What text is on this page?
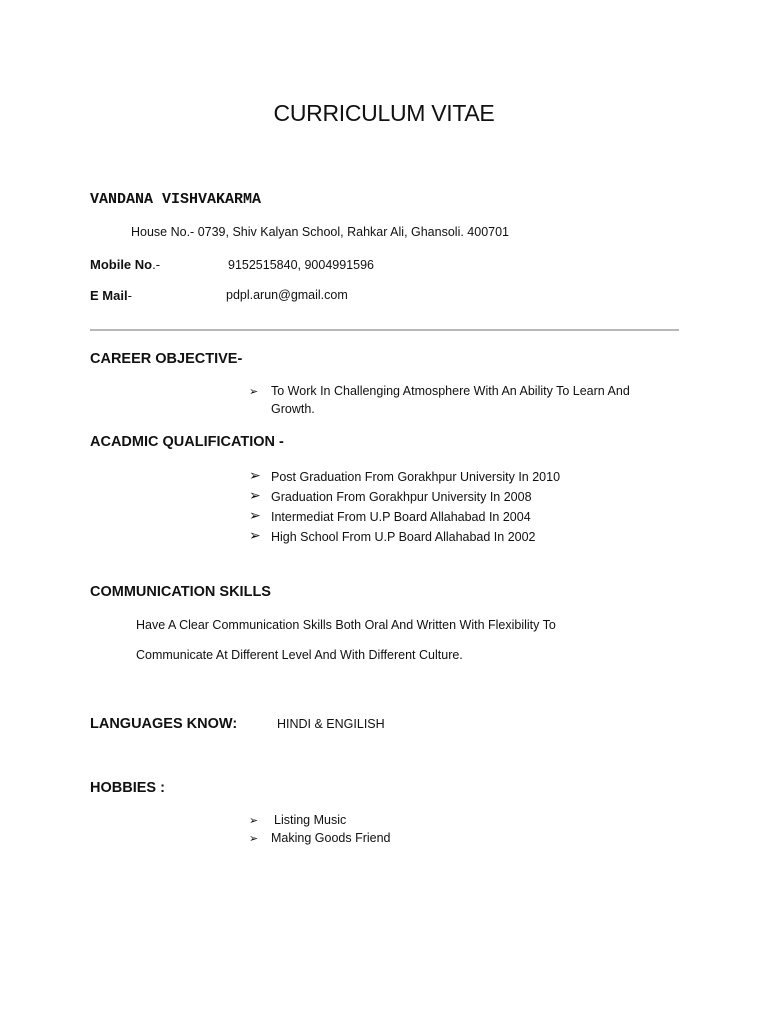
CURRICULUM VITAE
VANDANA VISHVAKARMA
House No.- 0739, Shiv Kalyan School, Rahkar Ali, Ghansoli. 400701
Mobile No.-	9152515840, 9004991596
E Mail-	pdpl.arun@gmail.com
CAREER OBJECTIVE-
➢ To Work In Challenging Atmosphere With An Ability To Learn And
Growth.
ACADMIC QUALIFICATION -
➢ Post Graduation From Gorakhpur University In 2010
➢ Graduation From Gorakhpur University In 2008
➢ Intermediat From U.P Board Allahabad In 2004
➢ High School From U.P Board Allahabad In 2002
COMMUNICATION SKILLS
Have A Clear Communication Skills Both Oral And Written With Flexibility To
Communicate At Different Level And With Different Culture.
LANGUAGES KNOW:	HINDI & ENGILISH
HOBBIES :
➢ Listing Music
➢ Making Goods Friend
